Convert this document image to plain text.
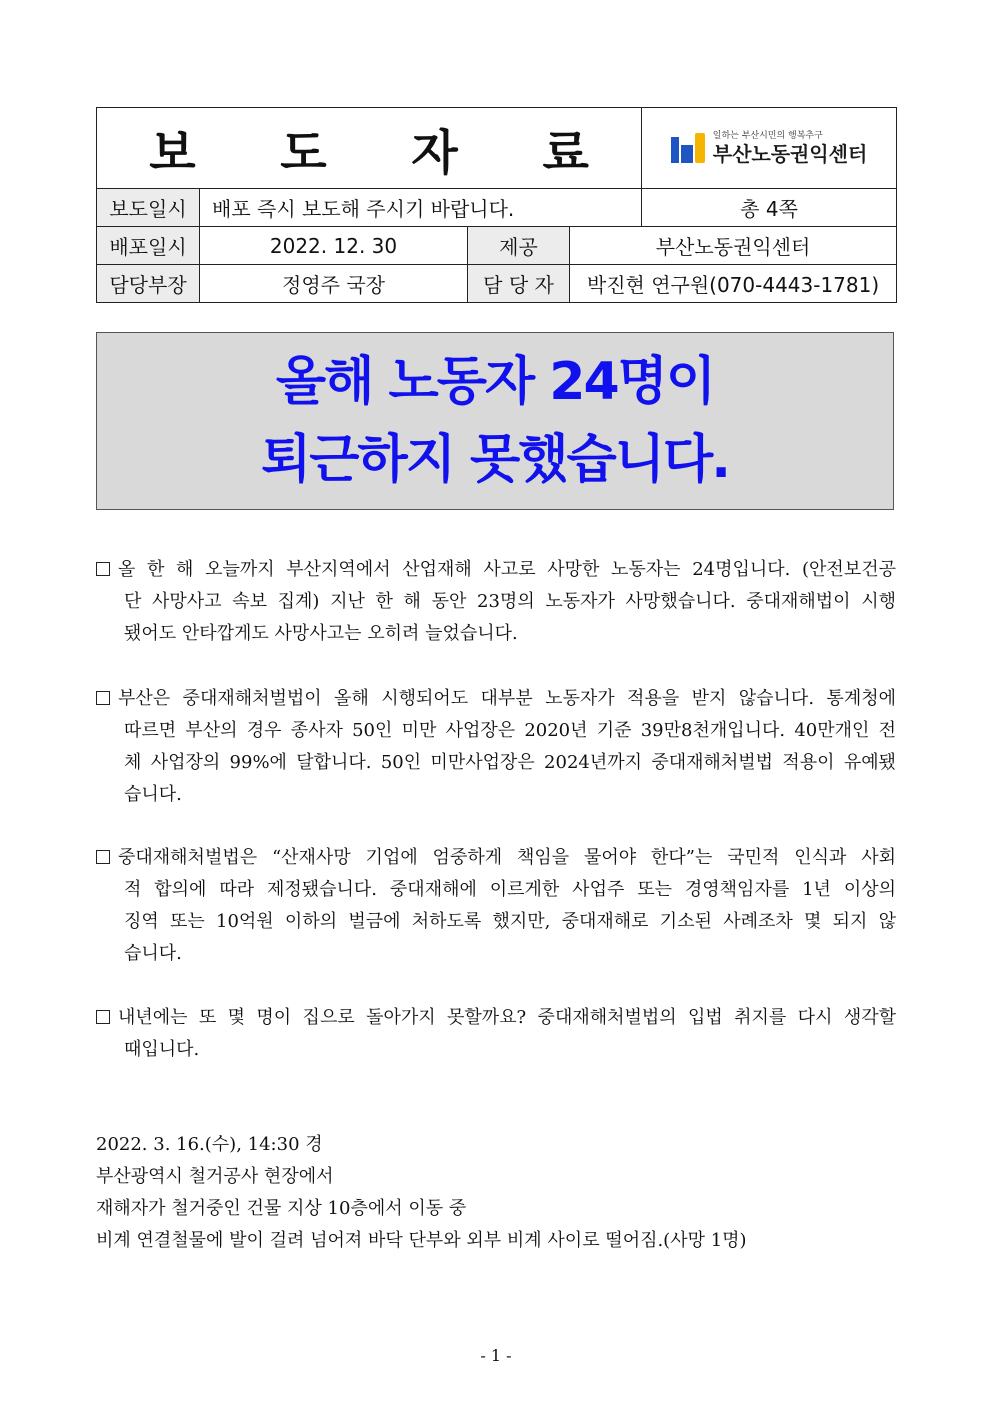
보 도 자 료				일하는 부산시민의 행복추구
부산노동권익센터

보도일시	배포 즉시 보도해 주시기 바랍니다.			총 4쪽
배포일시	2022. 12. 30	제공	부산노동권익센터	
담당부장	정영주 국장	담 당 자	박진현 연구원(070-4443-1781)	
올해 노동자 24명이
퇴근하지 못했습니다.
올 한 해 오늘까지 부산지역에서 산업재해 사고로 사망한 노동자는 24명입니다. (안전보건공
단 사망사고 속보 집계) 지난 한 해 동안 23명의 노동자가 사망했습니다. 중대재해법이 시행
됐어도 안타깝게도 사망사고는 오히려 늘었습니다.
부산은 중대재해처벌법이 올해 시행되어도 대부분 노동자가 적용을 받지 않습니다. 통계청에
따르면 부산의 경우 종사자 50인 미만 사업장은 2020년 기준 39만8천개입니다. 40만개인 전
체 사업장의 99%에 달합니다. 50인 미만사업장은 2024년까지 중대재해처벌법 적용이 유예됐
습니다.
중대재해처벌법은 “산재사망 기업에 엄중하게 책임을 물어야 한다”는 국민적 인식과 사회
적 합의에 따라 제정됐습니다. 중대재해에 이르게한 사업주 또는 경영책임자를 1년 이상의
징역 또는 10억원 이하의 벌금에 처하도록 했지만, 중대재해로 기소된 사례조차 몇 되지 않
습니다.
내년에는 또 몇 명이 집으로 돌아가지 못할까요? 중대재해처벌법의 입법 취지를 다시 생각할
때입니다.
2022. 3. 16.(수), 14:30 경
부산광역시 철거공사 현장에서
재해자가 철거중인 건물 지상 10층에서 이동 중
비계 연결철물에 발이 걸려 넘어져 바닥 단부와 외부 비계 사이로 떨어짐.(사망 1명)
- 1 -
